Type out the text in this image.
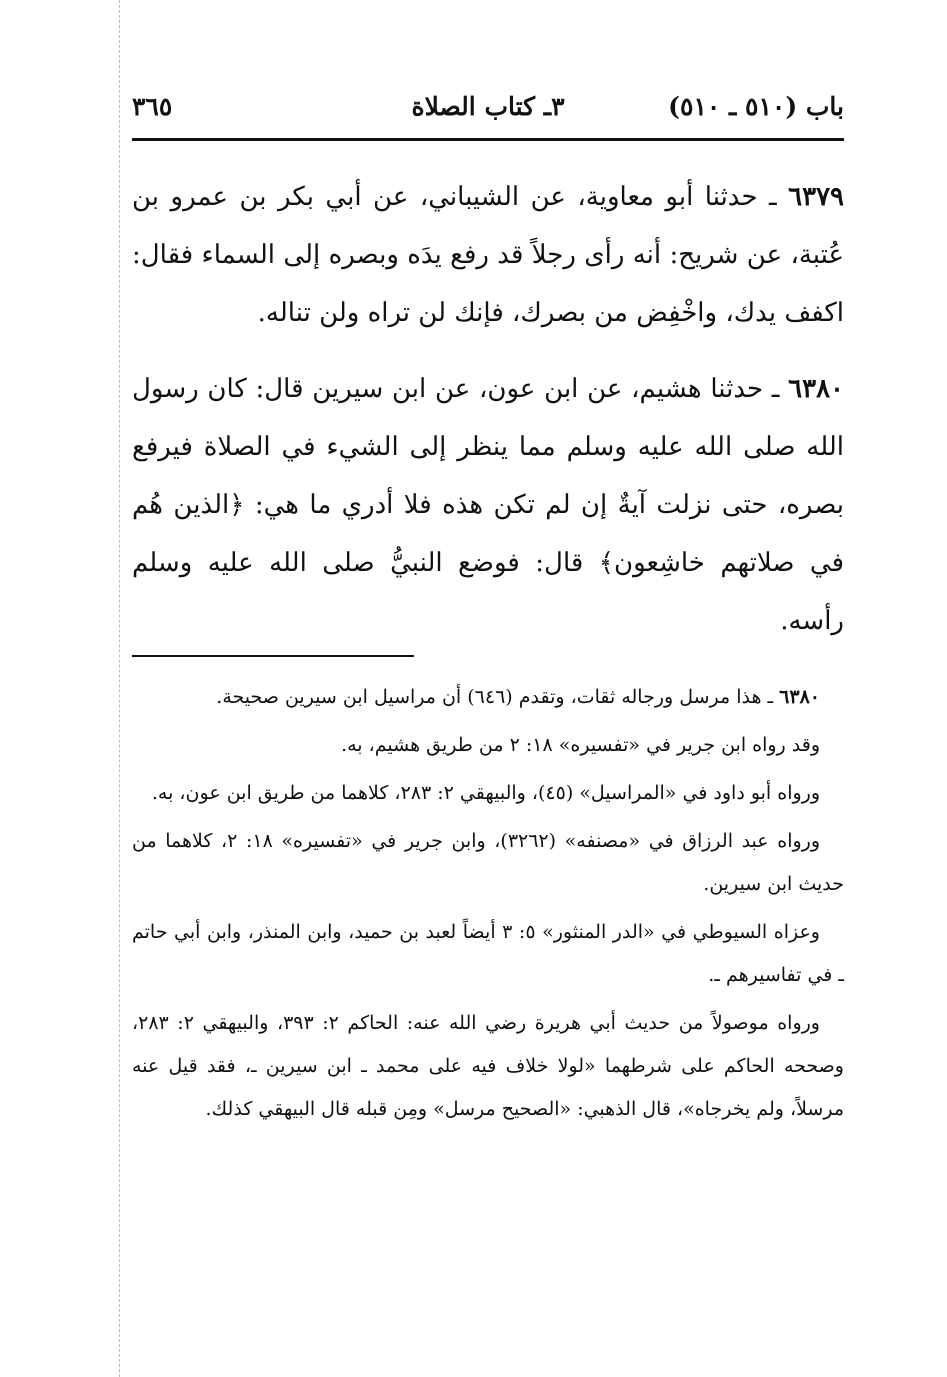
باب (٥١٠ ـ ٥١٠)
٣ـ كتاب الصلاة
٣٦٥

٦٣٧٩ ـ حدثنا أبو معاوية، عن الشيباني، عن أبي بكر بن عمرو بن عُتبة، عن شريح: أنه رأى رجلاً قد رفع يدَه وبصره إلى السماء فقال: اكفف يدك، واخْفِض من بصرك، فإنك لن تراه ولن تناله.

٦٣٨٠ ـ حدثنا هشيم، عن ابن عون، عن ابن سيرين قال: كان رسول الله صلى الله عليه وسلم مما ينظر إلى الشيء في الصلاة فيرفع بصره، حتى نزلت آيةٌ إن لم تكن هذه فلا أدري ما هي: ﴿الذين هُم في صلاتهم خاشِعون﴾ قال: فوضع النبيُّ صلى الله عليه وسلم رأسه.

٦٣٨٠ ـ هذا مرسل ورجاله ثقات، وتقدم (٦٤٦) أن مراسيل ابن سيرين صحيحة.

وقد رواه ابن جرير في «تفسيره» ١٨: ٢ من طريق هشيم، به.

ورواه أبو داود في «المراسيل» (٤٥)، والبيهقي ٢: ٢٨٣، كلاهما من طريق ابن عون، به.

ورواه عبد الرزاق في «مصنفه» (٣٢٦٢)، وابن جرير في «تفسيره» ١٨: ٢، كلاهما من حديث ابن سيرين.

وعزاه السيوطي في «الدر المنثور» ٥: ٣ أيضاً لعبد بن حميد، وابن المنذر، وابن أبي حاتم ـ في تفاسيرهم ـ.

ورواه موصولاً من حديث أبي هريرة رضي الله عنه: الحاكم ٢: ٣٩٣، والبيهقي ٢: ٢٨٣، وصححه الحاكم على شرطهما «لولا خلاف فيه على محمد ـ ابن سيرين ـ، فقد قيل عنه مرسلاً، ولم يخرجاه»، قال الذهبي: «الصحيح مرسل» ومِن قبله قال البيهقي كذلك.
